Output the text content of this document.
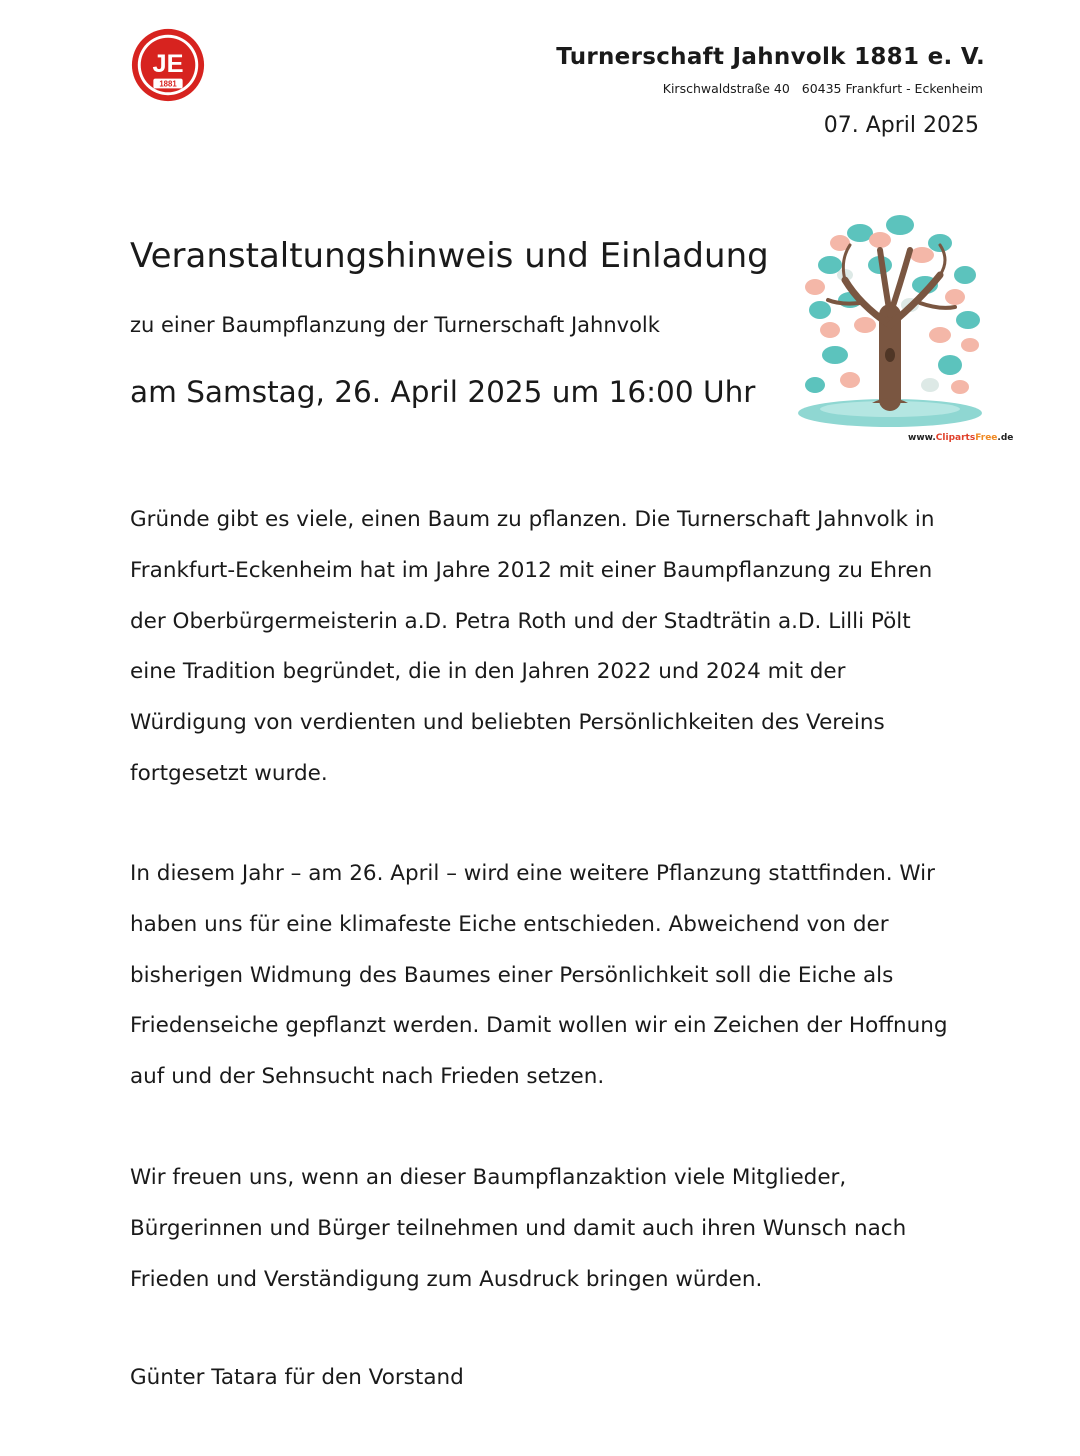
JE
1881
Turnerschaft Jahnvolk 1881 e. V.
Kirschwaldstraße 40   60435 Frankfurt - Eckenheim
07. April 2025
Veranstaltungshinweis und Einladung
zu einer Baumpflanzung der Turnerschaft Jahnvolk
am Samstag, 26. April 2025 um 16:00 Uhr
www.ClipartsFree.de

Gründe gibt es viele, einen Baum zu pflanzen. Die Turnerschaft Jahnvolk in
Frankfurt-Eckenheim hat im Jahre 2012 mit einer Baumpflanzung zu Ehren
der Oberbürgermeisterin a.D. Petra Roth und der Stadträtin a.D. Lilli Pölt
eine Tradition begründet, die in den Jahren 2022 und 2024 mit der
Würdigung von verdienten und beliebten Persönlichkeiten des Vereins
fortgesetzt wurde.

In diesem Jahr – am 26. April – wird eine weitere Pflanzung stattfinden. Wir
haben uns für eine klimafeste Eiche entschieden. Abweichend von der
bisherigen Widmung des Baumes einer Persönlichkeit soll die Eiche als
Friedenseiche gepflanzt werden. Damit wollen wir ein Zeichen der Hoffnung
auf und der Sehnsucht nach Frieden setzen.

Wir freuen uns, wenn an dieser Baumpflanzaktion viele Mitglieder,
Bürgerinnen und Bürger teilnehmen und damit auch ihren Wunsch nach
Frieden und Verständigung zum Ausdruck bringen würden.

Günter Tatara für den Vorstand
